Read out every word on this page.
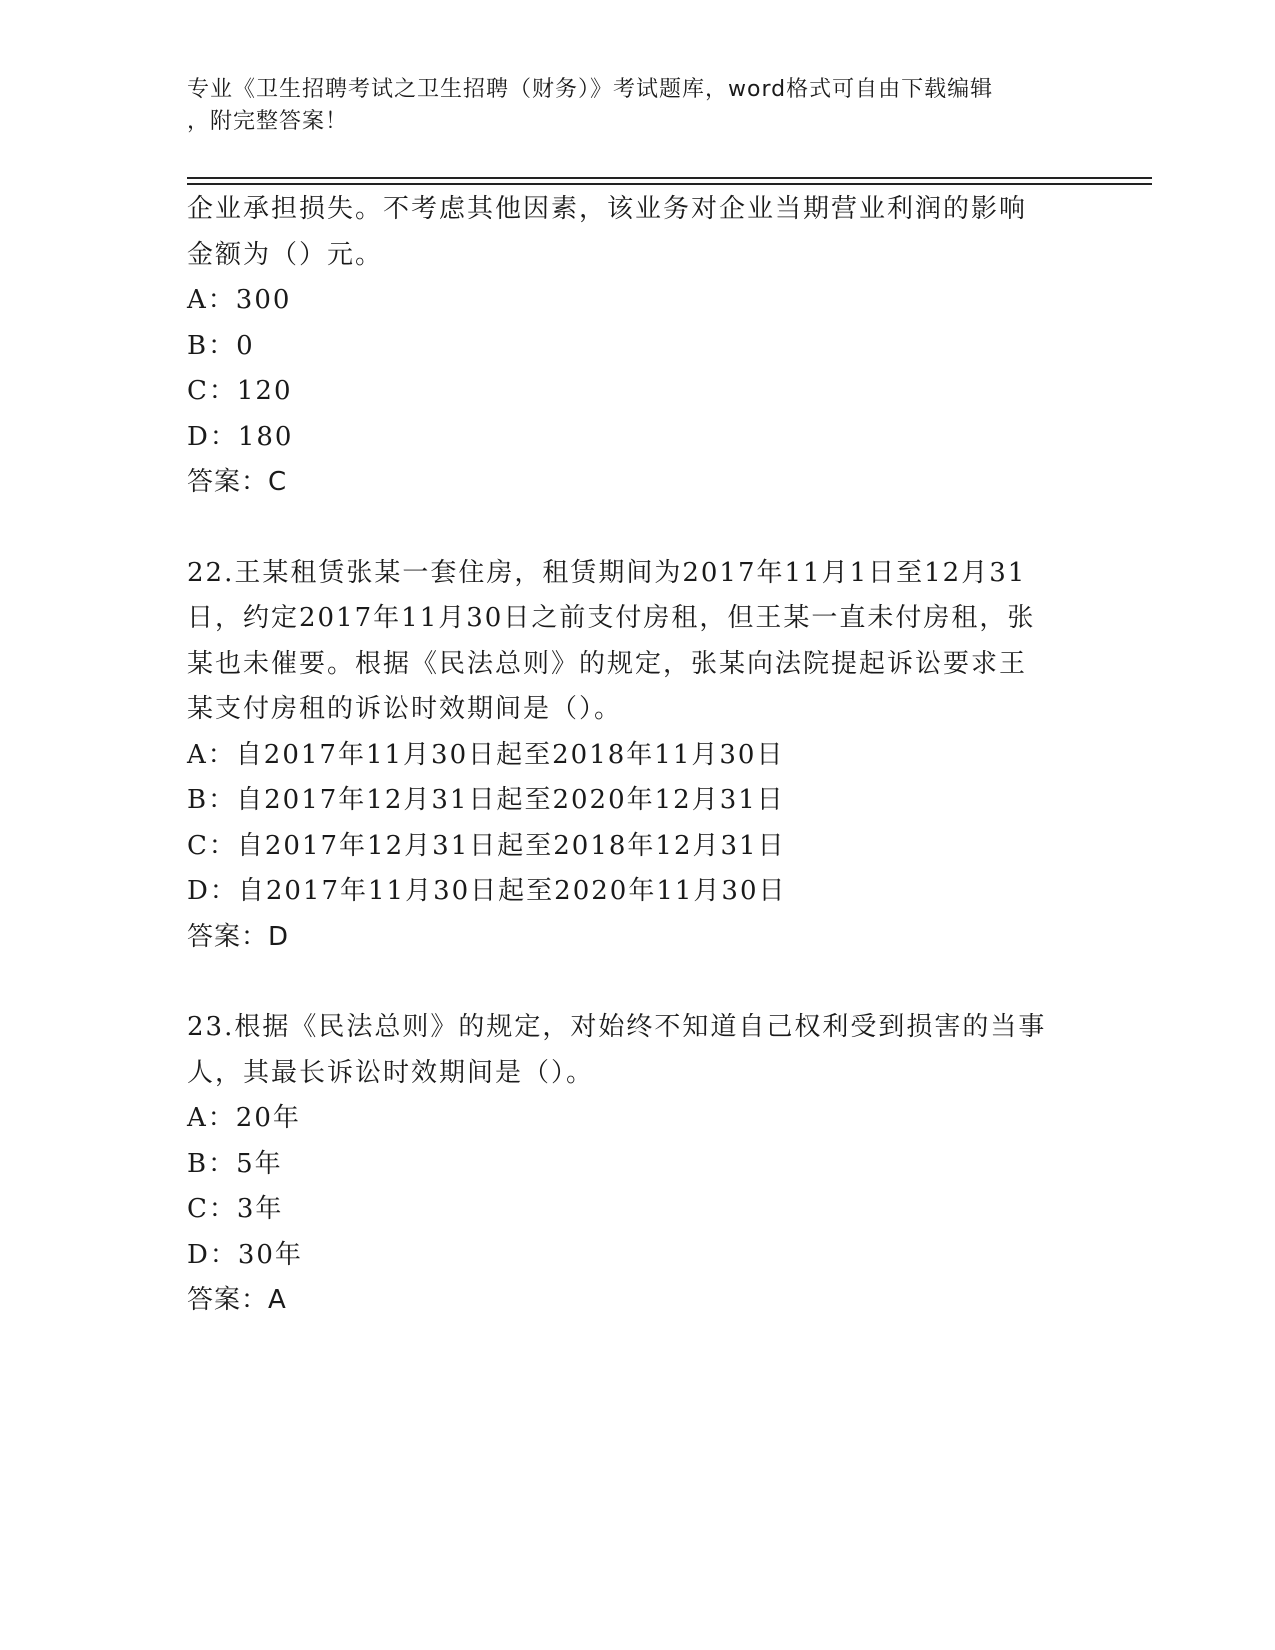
专业《卫生招聘考试之卫生招聘（财务）》考试题库，word格式可自由下载编辑
，附完整答案！
企业承担损失。不考虑其他因素，该业务对企业当期营业利润的影响
金额为（）元。
A：300
B：0
C：120
D：180
答案：C
22.王某租赁张某一套住房，租赁期间为2017年11月1日至12月31
日，约定2017年11月30日之前支付房租，但王某一直未付房租，张
某也未催要。根据《民法总则》的规定，张某向法院提起诉讼要求王
某支付房租的诉讼时效期间是（）。
A：自2017年11月30日起至2018年11月30日
B：自2017年12月31日起至2020年12月31日
C：自2017年12月31日起至2018年12月31日
D：自2017年11月30日起至2020年11月30日
答案：D
23.根据《民法总则》的规定，对始终不知道自己权利受到损害的当事
人，其最长诉讼时效期间是（）。
A：20年
B：5年
C：3年
D：30年
答案：A
